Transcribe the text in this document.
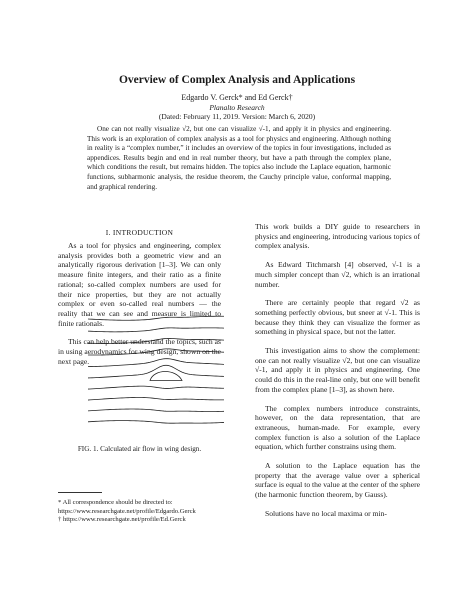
Overview of Complex Analysis and Applications
Edgardo V. Gerck* and Ed Gerck†
Planalto Research
(Dated: February 11, 2019. Version: March 6, 2020)

One can not really visualize √2, but one can visualize √-1, and apply it in physics and engineering. This work is an exploration of complex analysis as a tool for physics and engineering. Although nothing in reality is a “complex number,” it includes an overview of the topics in four investigations, included as appendices. Results begin and end in real number theory, but have a path through the complex plane, which conditions the result, but remains hidden. The topics also include the Laplace equation, harmonic functions, subharmonic analysis, the residue theorem, the Cauchy principle value, conformal mapping, and graphical rendering.

I. INTRODUCTION

As a tool for physics and engineering, complex analysis provides both a geometric view and an analytically rigorous derivation [1–3]. We can only measure finite integers, and their ratio as a finite rational; so-called complex numbers are used for their nice properties, but they are not actually complex or even so-called real numbers — the reality that we can see and measure is limited to finite rationals.

This can help better understand the topics, such as in using aerodynamics for wing design, shown on the next page.

FIG. 1. Calculated air flow in wing design.

* All correspondence should be directed to: https://www.researchgate.net/profile/Edgardo.Gerck

† https://www.researchgate.net/profile/Ed.Gerck

This work builds a DIY guide to researchers in physics and engineering, introducing various topics of complex analysis.

As Edward Titchmarsh [4] observed, √-1 is a much simpler concept than √2, which is an irrational number.

There are certainly people that regard √2 as something perfectly obvious, but sneer at √-1. This is because they think they can visualize the former as something in physical space, but not the latter.

This investigation aims to show the complement: one can not really visualize √2, but one can visualize √-1, and apply it in physics and engineering. One could do this in the real-line only, but one will benefit from the complex plane [1–3], as shown here.

The complex numbers introduce constraints, however, on the data representation, that are extraneous, human-made. For example, every complex function is also a solution of the Laplace equation, which further constrains using them.

A solution to the Laplace equation has the property that the average value over a spherical surface is equal to the value at the center of the sphere (the harmonic function theorem, by Gauss).

Solutions have no local maxima or min-
